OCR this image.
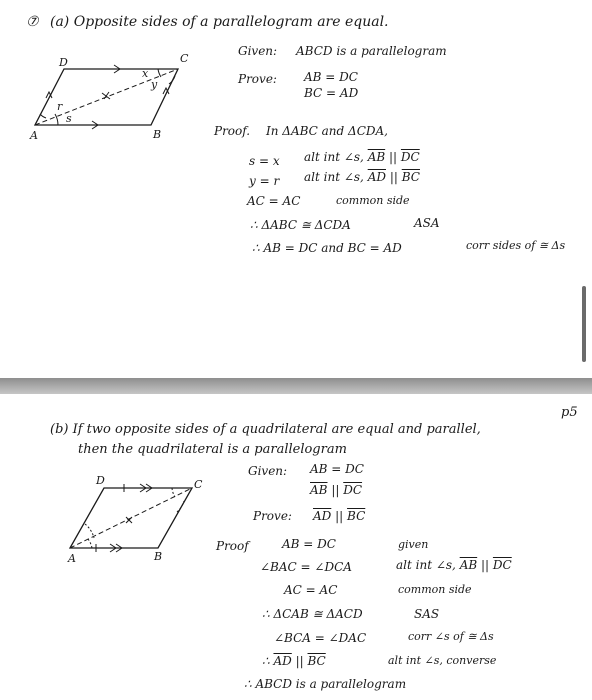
⑦ (a) Opposite sides of a parallelogram are equal.
Given: ABCD is a parallelogram
Prove: AB = DC
BC = AD
D	C
A	B
s
r
x
y
Proof. In ΔABC and ΔCDA,
s = x alt int ∠s, $\overline{AB}$ || $\overline{DC}$
y = r alt int ∠s, $\overline{AD}$ || $\overline{BC}$
AC = AC	common side
∴ ΔABC ≅ ΔCDA	ASA
∴ AB = DC and BC = AD	corr sides of ≅ Δs
p5
(b) If two opposite sides of a quadrilateral are equal and parallel,
then the quadrilateral is a parallelogram
Given: AB = DC
$\overline{AB}$ || $\overline{DC}$
Prove: $\overline{AD}$ || $\overline{BC}$
D	C
A	B
Proof	AB = DC	given
∠BAC = ∠DCA	alt int ∠s, $\overline{AB}$ || $\overline{DC}$
AC = AC	common side
∴ ΔCAB ≅ ΔACD	SAS
∠BCA = ∠DAC	corr ∠s of ≅ Δs
∴ $\overline{AD}$ || $\overline{BC}$	alt int ∠s, converse
∴ ABCD is a parallelogram
